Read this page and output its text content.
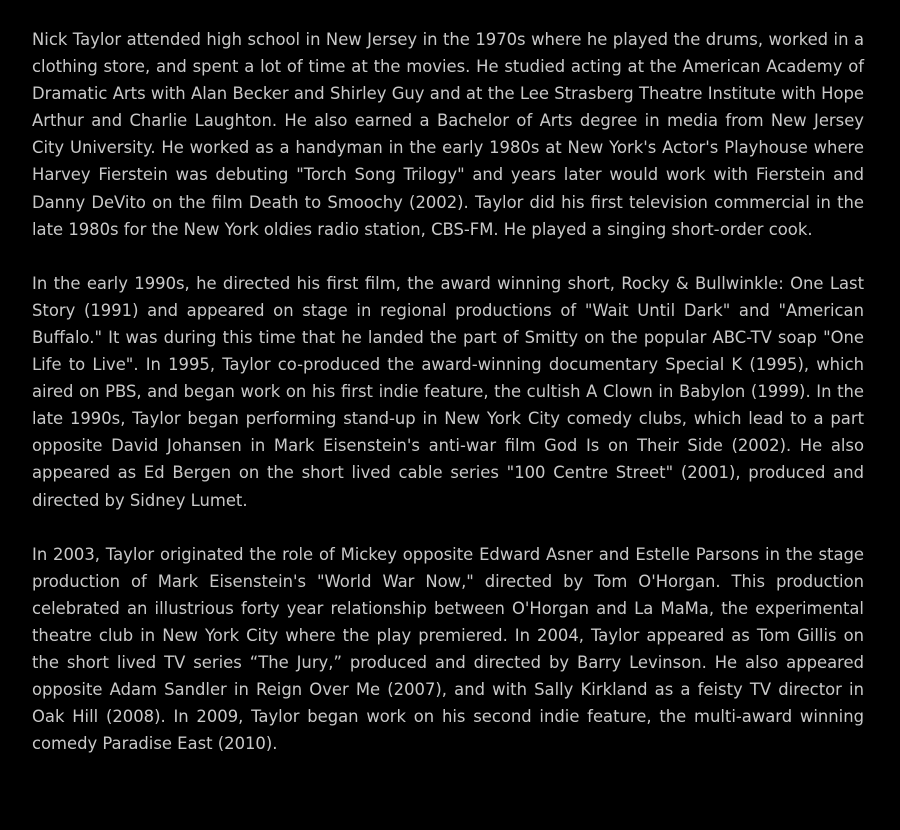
Nick Taylor attended high school in New Jersey in the 1970s where he played the drums, worked in a clothing store, and spent a lot of time at the movies. He studied acting at the American Academy of Dramatic Arts with Alan Becker and Shirley Guy and at the Lee Strasberg Theatre Institute with Hope Arthur and Charlie Laughton. He also earned a Bachelor of Arts degree in media from New Jersey City University. He worked as a handyman in the early 1980s at New York's Actor's Playhouse where Harvey Fierstein was debuting "Torch Song Trilogy" and years later would work with Fierstein and Danny DeVito on the film Death to Smoochy (2002). Taylor did his first television commercial in the late 1980s for the New York oldies radio station, CBS-FM. He played a singing short-order cook.

In the early 1990s, he directed his first film, the award winning short, Rocky & Bullwinkle: One Last Story (1991) and appeared on stage in regional productions of "Wait Until Dark" and "American Buffalo." It was during this time that he landed the part of Smitty on the popular ABC-TV soap "One Life to Live". In 1995, Taylor co-produced the award-winning documentary Special K (1995), which aired on PBS, and began work on his first indie feature, the cultish A Clown in Babylon (1999). In the late 1990s, Taylor began performing stand-up in New York City comedy clubs, which lead to a part opposite David Johansen in Mark Eisenstein's anti-war film God Is on Their Side (2002). He also appeared as Ed Bergen on the short lived cable series "100 Centre Street" (2001), produced and directed by Sidney Lumet.

In 2003, Taylor originated the role of Mickey opposite Edward Asner and Estelle Parsons in the stage production of Mark Eisenstein's "World War Now," directed by Tom O'Horgan. This production celebrated an illustrious forty year relationship between O'Horgan and La MaMa, the experimental theatre club in New York City where the play premiered. In 2004, Taylor appeared as Tom Gillis on the short lived TV series “The Jury,” produced and directed by Barry Levinson. He also appeared opposite Adam Sandler in Reign Over Me (2007), and with Sally Kirkland as a feisty TV director in Oak Hill (2008). In 2009, Taylor began work on his second indie feature, the multi-award winning comedy Paradise East (2010).
